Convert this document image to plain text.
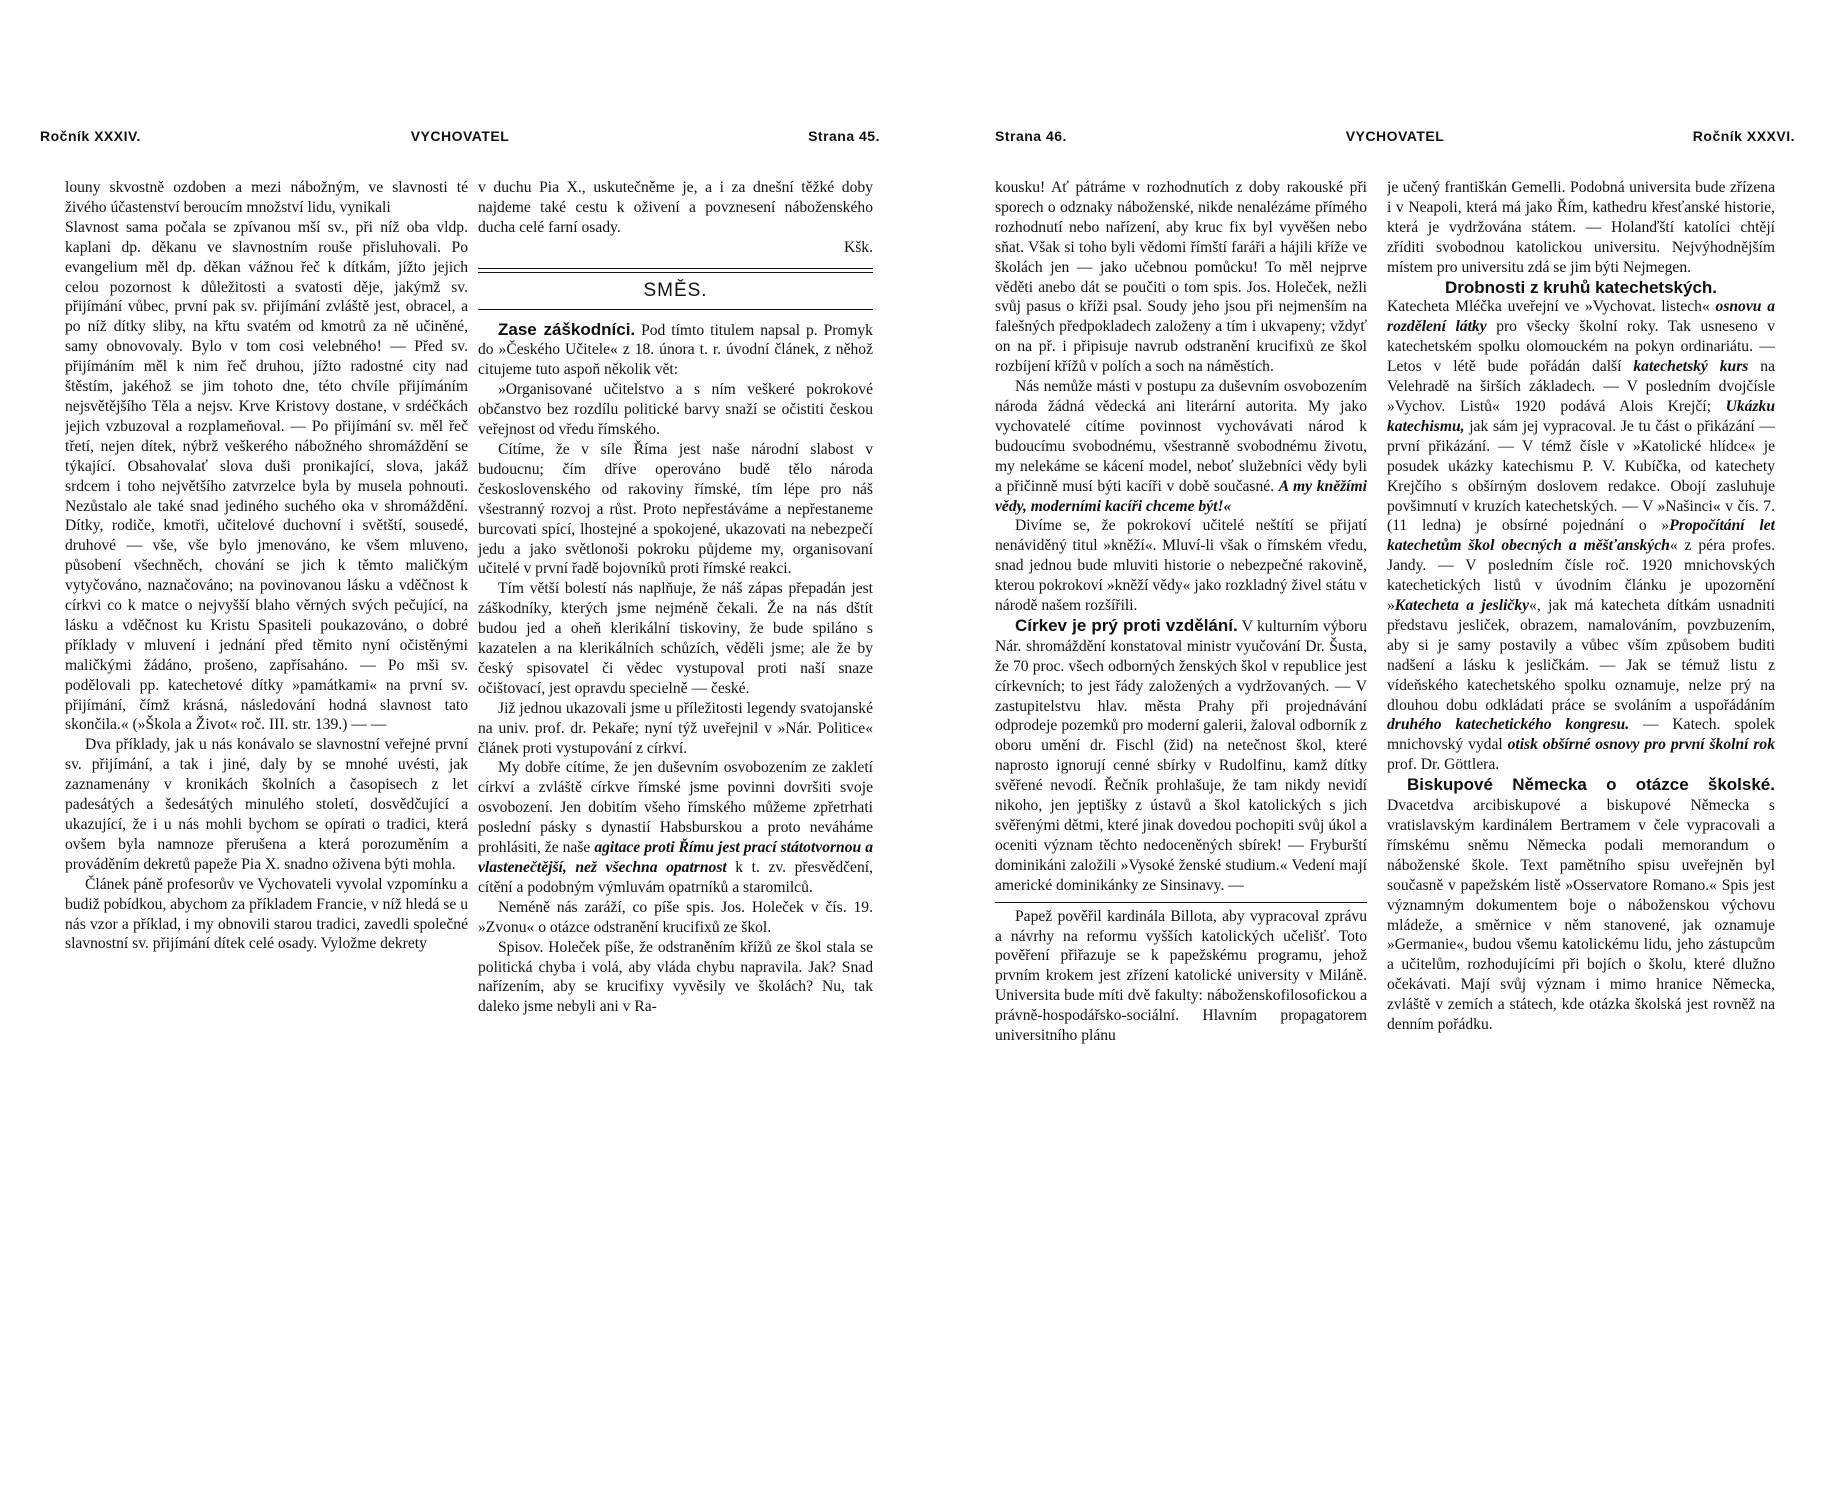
Ročník XXXIV.	VYCHOVATEL	Strana 45.

louny skvostně ozdoben a mezi nábožným, ve slavnosti té živého účastenství beroucím množství lidu, vynikali

Slavnost sama počala se zpívanou mší sv., při níž oba vldp. kaplani dp. děkanu ve slavnostním rouše přisluhovali. Po evangelium měl dp. děkan vážnou řeč k dítkám, jížto jejich celou pozornost k důležitosti a svatosti děje, jakýmž sv. přijímání vůbec, první pak sv. přijímání zvláště jest, obracel, a po níž dítky sliby, na křtu svatém od kmotrů za ně učiněné, samy obnovovaly. Bylo v tom cosi velebného! — Před sv. přijímáním měl k nim řeč druhou, jížto radostné city nad štěstím, jakéhož se jim tohoto dne, této chvíle přijímáním nejsvětějšího Těla a nejsv. Krve Kristovy dostane, v srdéčkách jejich vzbuzoval a rozplameňoval. — Po přijímání sv. měl řeč třetí, nejen dítek, nýbrž veškerého nábožného shromáždění se týkající. Obsahovalať slova duši pronikající, slova, jakáž srdcem i toho největšího zatvrzelce byla by musela pohnouti. Nezůstalo ale také snad jediného suchého oka v shromáždění. Dítky, rodiče, kmotři, učitelové duchovní i světští, sousedé, druhové — vše, vše bylo jmenováno, ke všem mluveno, působení všechněch, chování se jich k těmto maličkým vytyčováno, naznačováno; na povinovanou lásku a vděčnost k církvi co k matce o nejvyšší blaho věrných svých pečující, na lásku a vděčnost ku Kristu Spasiteli poukazováno, o dobré příklady v mluvení i jednání před těmito nyní očistěnými maličkými žádáno, prošeno, zapřísaháno. — Po mši sv. podělovali pp. katechetové dítky »památkami« na první sv. přijímání, čímž krásná, následování hodná slavnost tato skončila.« (»Škola a Život« roč. III. str. 139.) — —

Dva příklady, jak u nás konávalo se slavnostní veřejné první sv. přijímání, a tak i jiné, daly by se mnohé uvésti, jak zaznamenány v kronikách školních a časopisech z let padesátých a šedesátých minulého století, dosvědčující a ukazující, že i u nás mohli bychom se opírati o tradici, která ovšem byla namnoze přerušena a která porozuměním a prováděním dekretů papeže Pia X. snadno oživena býti mohla.

Článek páně profesorův ve Vychovateli vyvolal vzpomínku a budiž pobídkou, abychom za příkladem Francie, v níž hledá se u nás vzor a příklad, i my obnovili starou tradici, zavedli společné slavnostní sv. přijímání dítek celé osady. Vyložme dekrety

v duchu Pia X., uskutečněme je, a i za dnešní těžké doby najdeme také cestu k oživení a povznesení náboženského ducha celé farní osady.

Kšk.

SMĚS.

Zase záškodníci. Pod tímto titulem napsal p. Promyk do »Českého Učitele« z 18. února t. r. úvodní článek, z něhož citujeme tuto aspoň několik vět:

»Organisované učitelstvo a s ním veškeré pokrokové občanstvo bez rozdílu politické barvy snaží se očistiti českou veřejnost od vředu římského.

Cítíme, že v síle Říma jest naše národní slabost v budoucnu; čím dříve operováno budě tělo národa československého od rakoviny římské, tím lépe pro náš všestranný rozvoj a růst. Proto nepřestáváme a nepřestaneme burcovati spící, lhostejné a spokojené, ukazovati na nebezpečí jedu a jako světlonoši pokroku půjdeme my, organisovaní učitelé v první řadě bojovníků proti římské reakci.

Tím větší bolestí nás naplňuje, že náš zápas přepadán jest záškodníky, kterých jsme nejméně čekali. Že na nás dštít budou jed a oheň klerikální tiskoviny, že bude spiláno s kazatelen a na klerikálních schůzích, věděli jsme; ale že by český spisovatel či vědec vystupoval proti naší snaze očištovací, jest opravdu specielně — české.

Již jednou ukazovali jsme u příležitosti legendy svatojanské na univ. prof. dr. Pekaře; nyní týž uveřejnil v »Nár. Politice« článek proti vystupování z církví.

My dobře cítíme, že jen duševním osvobozením ze zakletí církví a zvláště církve římské jsme povinni dovršiti svoje osvobození. Jen dobitím všeho římského můžeme zpřetrhati poslední pásky s dynastií Habsburskou a proto neváháme prohlásiti, že naše agitace proti Římu jest prací státotvornou a vlastenečtější, než všechna opatrnost k t. zv. přesvědčení, cítění a podobným výmluvám opatrníků a staromilců.

Neméně nás zaráží, co píše spis. Jos. Holeček v čís. 19. »Zvonu« o otázce odstranění krucifixů ze škol.

Spisov. Holeček píše, že odstraněním křížů ze škol stala se politická chyba i volá, aby vláda chybu napravila. Jak? Snad nařízením, aby se krucifixy vyvěsily ve školách? Nu, tak daleko jsme nebyli ani v Ra-

Strana 46.	VYCHOVATEL	Ročník XXXVI.

kousku! Ať pátráme v rozhodnutích z doby rakouské při sporech o odznaky náboženské, nikde nenalézáme přímého rozhodnutí nebo nařízení, aby kruc fix byl vyvěšen nebo sňat. Však si toho byli vědomi římští faráři a hájili kříže ve školách jen — jako učebnou pomůcku! To měl nejprve věděti anebo dát se poučiti o tom spis. Jos. Holeček, nežli svůj pasus o kříži psal. Soudy jeho jsou při nejmenším na falešných předpokladech založeny a tím i ukvapeny; vždyť on na př. i připisuje navrub odstranění krucifixů ze škol rozbíjení křížů v polích a soch na náměstích.

Nás nemůže másti v postupu za duševním osvobozením národa žádná vědecká ani literární autorita. My jako vychovatelé cítíme povinnost vychovávati národ k budoucímu svobodnému, všestranně svobodnému životu, my nelekáme se kácení model, neboť služebníci vědy byli a přičinně musí býti kacíři v době současné. A my kněžími vědy, moderními kacíři chceme být!«

Divíme se, že pokrokoví učitelé neštítí se přijatí nenáviděný titul »kněží«. Mluví-li však o římském vředu, snad jednou bude mluviti historie o nebezpečné rakovině, kterou pokrokoví »kněží vědy« jako rozkladný živel státu v národě našem rozšířili.

Církev je prý proti vzdělání. V kulturním výboru Nár. shromáždění konstatoval ministr vyučování Dr. Šusta, že 70 proc. všech odborných ženských škol v republice jest církevních; to jest řády založených a vydržovaných. — V zastupitelstvu hlav. města Prahy při projednávání odprodeje pozemků pro moderní galerii, žaloval odborník z oboru umění dr. Fischl (žid) na netečnost škol, které naprosto ignorují cenné sbírky v Rudolfinu, kamž dítky svěřené nevodí. Řečník prohlašuje, že tam nikdy nevidí nikoho, jen jeptišky z ústavů a škol katolických s jich svěřenými dětmi, které jinak dovedou pochopiti svůj úkol a oceniti význam těchto nedoceněných sbírek! — Fryburští dominikáni založili »Vysoké ženské studium.« Vedení mají americké dominikánky ze Sinsinavy. —

Papež pověřil kardinála Billota, aby vypracoval zprávu a návrhy na reformu vyšších katolických učelišť. Toto pověření přiřazuje se k papežskému programu, jehož prvním krokem jest zřízení katolické university v Miláně. Universita bude míti dvě fakulty: náboženskofilosofickou a právně-hospodářsko-sociální. Hlavním propagatorem universitního plánu

je učený františkán Gemelli. Podobná universita bude zřízena i v Neapoli, která má jako Řím, kathedru křesťanské historie, která je vydržována státem. — Holanďští katolíci chtějí zříditi svobodnou katolickou universitu. Nejvýhodnějším místem pro universitu zdá se jim býti Nejmegen.

Drobnosti z kruhů katechetských.

Katecheta Mléčka uveřejní ve »Vychovat. listech« osnovu a rozdělení látky pro všecky školní roky. Tak usneseno v katechetském spolku olomouckém na pokyn ordinariátu. — Letos v létě bude pořádán další katechetský kurs na Velehradě na širších základech. — V posledním dvojčísle »Vychov. Listů« 1920 podává Alois Krejčí; Ukázku katechismu, jak sám jej vypracoval. Je tu část o přikázání — první přikázání. — V témž čísle v »Katolické hlídce« je posudek ukázky katechismu P. V. Kubíčka, od katechety Krejčího s obšírným doslovem redakce. Obojí zasluhuje povšimnutí v kruzích katechetských. — V »Našinci« v čís. 7. (11 ledna) je obsírné pojednání o »Propočítání let katechetům škol obecných a měšťanských« z péra profes. Jandy. — V posledním čísle roč. 1920 mnichovských katechetických listů v úvodním článku je upozornění »Katecheta a jesličky«, jak má katecheta dítkám usnadniti představu jesliček, obrazem, namalováním, povzbuzením, aby si je samy postavily a vůbec vším způsobem buditi nadšení a lásku k jesličkám. — Jak se témuž listu z vídeňského katechetského spolku oznamuje, nelze prý na dlouhou dobu odkládati práce se svoláním a uspořádáním druhého katechetického kongresu. — Katech. spolek mnichovský vydal otisk obšírné osnovy pro první školní rok prof. Dr. Göttlera.

Biskupové Německa o otázce školské. Dvacetdva arcibiskupové a biskupové Německa s vratislavským kardinálem Bertramem v čele vypracovali a římskému sněmu Německa podali memorandum o náboženské škole. Text pamětního spisu uveřejněn byl současně v papežském listě »Osservatore Romano.« Spis jest významným dokumentem boje o náboženskou výchovu mládeže, a směrnice v něm stanovené, jak oznamuje »Germanie«, budou všemu katolickému lidu, jeho zástupcům a učitelům, rozhodujícími při bojích o školu, které dlužno očekávati. Mají svůj význam i mimo hranice Německa, zvláště v zemích a státech, kde otázka školská jest rovněž na denním pořádku.
